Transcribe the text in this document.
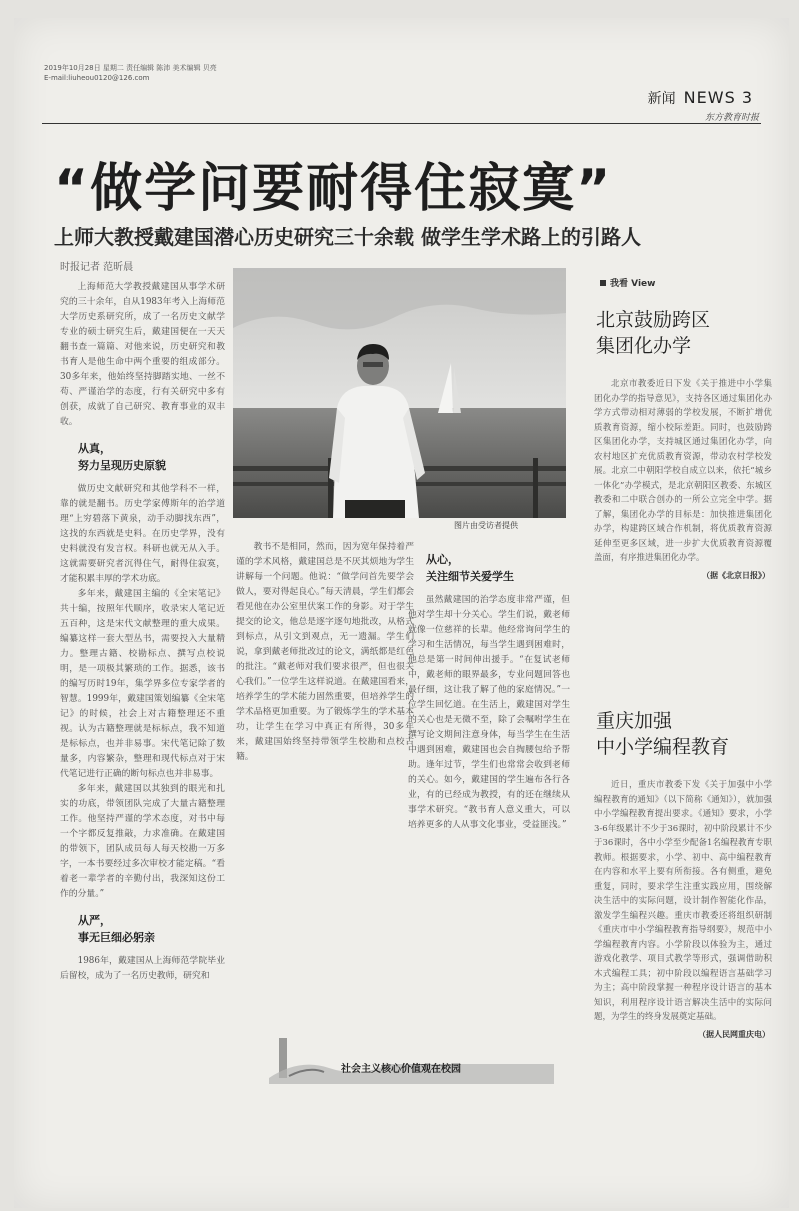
2019年10月28日 星期二 责任编辑 陈沛 美术编辑 贝亮
E-mail:liuheou0120@126.com
新闻 NEWS 3
东方教育时报
“做学问要耐得住寂寞”
上师大教授戴建国潜心历史研究三十余载 做学生学术路上的引路人
时报记者 范昕晨

上海师范大学教授戴建国从事学术研究的三十余年，自从1983年考入上海师范大学历史系研究所，成了一名历史文献学专业的硕士研究生后，戴建国便在一天天翻书查一篇篇、对他来说，历史研究和教书育人是他生命中两个重要的组成部分。30多年来，他始终坚持脚踏实地、一丝不苟、严谨治学的态度，行有关研究中多有创获，成就了自己研究、教育事业的双丰收。

从真，
努力呈现历史原貌

做历史文献研究和其他学科不一样，靠的就是翻书。历史学家傅斯年的治学道理“上穷碧落下黄泉，动手动脚找东西”，这找的东西就是史料。在历史学界，没有史料就没有发言权。科研也就无从入手。这就需要研究者沉得住气，耐得住寂寞，才能积累丰厚的学术功底。

多年来，戴建国主编的《全宋笔记》共十编，按照年代顺序，收录宋人笔记近五百种，这是宋代文献整理的重大成果。编纂这样一套大型丛书，需要投入大量精力。整理古籍、校勘标点、撰写点校说明，是一项极其繁琐的工作。据悉，该书的编写历时19年，集学界多位专家学者的智慧。1999年，戴建国策划编纂《全宋笔记》的时候，社会上对古籍整理还不重视。认为古籍整理就是标标点，我不知道是标标点，也并非易事。宋代笔记除了数量多，内容繁杂，整理和现代标点对于宋代笔记进行正确的断句标点也并非易事。

多年来，戴建国以其独到的眼光和扎实的功底，带领团队完成了大量古籍整理工作。他坚持严谨的学术态度，对书中每一个字都反复推敲，力求准确。在戴建国的带领下，团队成员每人每天校勘一万多字，一本书要经过多次审校才能定稿。“看着老一辈学者的辛勤付出，我深知这份工作的分量。”

从严，
事无巨细必躬亲

1986年，戴建国从上海师范学院毕业后留校，成为了一名历史教师，研究和

图片由受访者提供

教书不是相同，然而，因为宽年保持着严谨的学术风格，戴建国总是不厌其烦地为学生讲解每一个问题。他说：“做学问首先要学会做人，要对得起良心。”每天清晨，学生们都会看见他在办公室里伏案工作的身影。对于学生提交的论文，他总是逐字逐句地批改，从格式到标点，从引文到观点，无一遗漏。学生们说，拿到戴老师批改过的论文，满纸都是红色的批注。“戴老师对我们要求很严，但也很关心我们。”一位学生这样说道。在戴建国看来，培养学生的学术能力固然重要，但培养学生的学术品格更加重要。为了锻炼学生的学术基本功，让学生在学习中真正有所得，30多年来，戴建国始终坚持带领学生校勘和点校古籍。

从心，
关注细节关爱学生

虽然戴建国的治学态度非常严谨，但他对学生却十分关心。学生们说，戴老师就像一位慈祥的长辈。他经常询问学生的学习和生活情况，每当学生遇到困难时，他总是第一时间伸出援手。“在复试老师中，戴老师的眼界最多，专业问题回答也最仔细，这让我了解了他的家庭情况。”一位学生回忆道。在生活上，戴建国对学生的关心也是无微不至，除了会嘱咐学生在撰写论文期间注意身体，每当学生在生活中遇到困难，戴建国也会自掏腰包给予帮助。逢年过节，学生们也常常会收到老师的关心。如今，戴建国的学生遍布各行各业，有的已经成为教授，有的还在继续从事学术研究。“教书育人意义重大，可以培养更多的人从事文化事业，受益匪浅。”

社会主义核心价值观在校园
我看 View
北京鼓励跨区
集团化办学

北京市教委近日下发《关于推进中小学集团化办学的指导意见》，支持各区通过集团化办学方式带动相对薄弱的学校发展，不断扩增优质教育资源，缩小校际差距。同时，也鼓励跨区集团化办学，支持城区通过集团化办学，向农村地区扩充优质教育资源，带动农村学校发展。北京二中朝阳学校自成立以来，依托“城乡一体化”办学模式，是北京朝阳区教委、东城区教委和二中联合创办的一所公立完全中学。据了解，集团化办学的目标是：加快推进集团化办学，构建跨区域合作机制，将优质教育资源延伸至更多区域，进一步扩大优质教育资源覆盖面，有序推进集团化办学。

（据《北京日报》）
重庆加强
中小学编程教育

近日，重庆市教委下发《关于加强中小学编程教育的通知》（以下简称《通知》），就加强中小学编程教育提出要求。《通知》要求，小学3-6年级累计不少于36课时，初中阶段累计不少于36课时，各中小学至少配备1名编程教育专职教师。根据要求，小学、初中、高中编程教育在内容和水平上要有所衔接。各有侧重，避免重复，同时，要求学生注重实践应用，围绕解决生活中的实际问题，设计制作智能化作品，激发学生编程兴趣。重庆市教委还将组织研制《重庆市中小学编程教育指导纲要》，规范中小学编程教育内容。小学阶段以体验为主，通过游戏化教学、项目式教学等形式，强调借助积木式编程工具；初中阶段以编程语言基础学习为主；高中阶段掌握一种程序设计语言的基本知识，利用程序设计语言解决生活中的实际问题，为学生的终身发展奠定基础。

（据人民网重庆电）
